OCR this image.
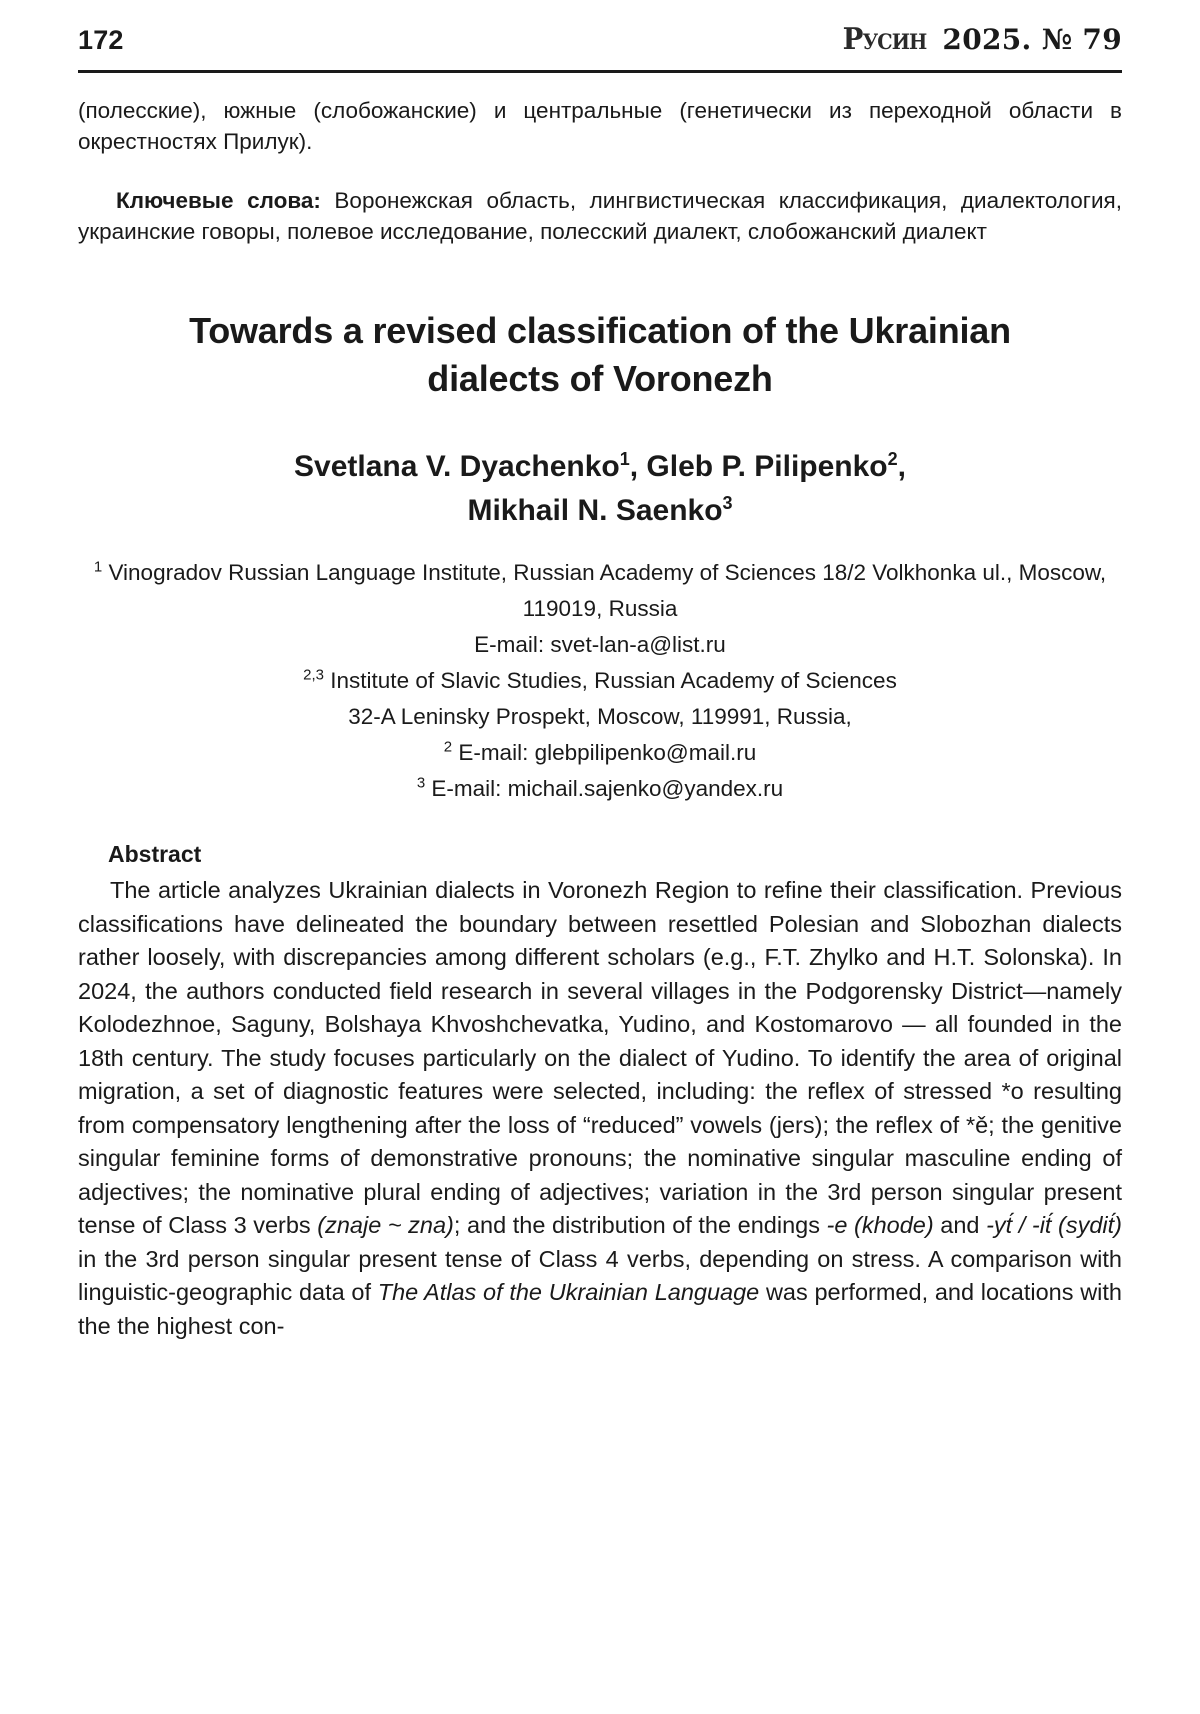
172	Русин 2025. № 79

(полесские), южные (слобожанские) и центральные (генетически из переходной области в окрестностях Прилук).

Ключевые слова: Воронежская область, лингвистическая классификация, диалектология, украинские говоры, полевое исследование, полесский диалект, слобожанский диалект

Towards a revised classification of the Ukrainian dialects of Voronezh
Svetlana V. Dyachenko$^1$, Gleb P. Pilipenko$^2$,
Mikhail N. Saenko$^3$
$^1$ Vinogradov Russian Language Institute, Russian Academy of Sciences 18/2 Volkhonka ul., Moscow, 119019, Russia
E-mail: svet-lan-a@list.ru
$^{2,3}$ Institute of Slavic Studies, Russian Academy of Sciences
32-A Leninsky Prospekt, Moscow, 119991, Russia,
$^2$ E-mail: glebpilipenko@mail.ru
$^3$ E-mail: michail.sajenko@yandex.ru
Abstract

The article analyzes Ukrainian dialects in Voronezh Region to refine their classification. Previous classifications have delineated the boundary between resettled Polesian and Slobozhan dialects rather loosely, with discrepancies among different scholars (e.g., F.T. Zhylko and H.T. Solonska). In 2024, the authors conducted field research in several villages in the Podgorensky District—namely Kolodezhnoe, Saguny, Bolshaya Khvoshchevatka, Yudino, and Kostomarovo — all founded in the 18th century. The study focuses particularly on the dialect of Yudino. To identify the area of original migration, a set of diagnostic features were selected, including: the reflex of stressed *o resulting from compensatory lengthening after the loss of “reduced” vowels (jers); the reflex of *ě; the genitive singular feminine forms of demonstrative pronouns; the nominative singular masculine ending of adjectives; the nominative plural ending of adjectives; variation in the 3rd person singular present tense of Class 3 verbs (znaje ~ zna); and the distribution of the endings -e (khode) and -yt́ / -it́ (sydit́) in the 3rd person singular present tense of Class 4 verbs, depending on stress. A comparison with linguistic-geographic data of The Atlas of the Ukrainian Language was performed, and locations with the the highest con-
